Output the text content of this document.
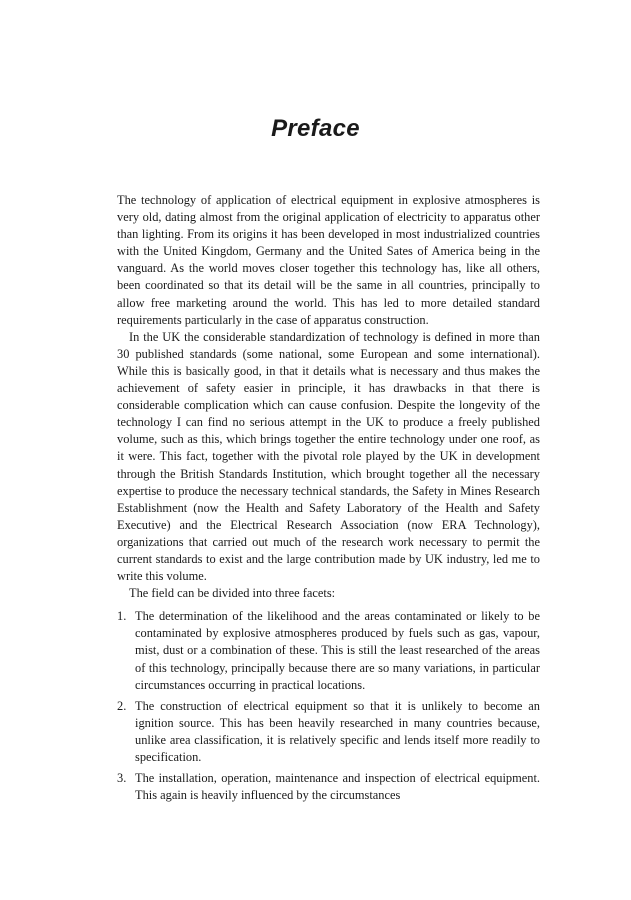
Preface

The technology of application of electrical equipment in explosive atmospheres is very old, dating almost from the original application of electricity to apparatus other than lighting. From its origins it has been developed in most industrialized countries with the United Kingdom, Germany and the United Sates of America being in the vanguard. As the world moves closer together this technology has, like all others, been coordinated so that its detail will be the same in all countries, principally to allow free marketing around the world. This has led to more detailed standard requirements particularly in the case of apparatus construction.

In the UK the considerable standardization of technology is defined in more than 30 published standards (some national, some European and some international). While this is basically good, in that it details what is necessary and thus makes the achievement of safety easier in principle, it has drawbacks in that there is considerable complication which can cause confusion. Despite the longevity of the technology I can find no serious attempt in the UK to produce a freely published volume, such as this, which brings together the entire technology under one roof, as it were. This fact, together with the pivotal role played by the UK in development through the British Standards Institution, which brought together all the necessary expertise to produce the necessary technical standards, the Safety in Mines Research Establishment (now the Health and Safety Laboratory of the Health and Safety Executive) and the Electrical Research Association (now ERA Technology), organizations that carried out much of the research work necessary to permit the current standards to exist and the large contribution made by UK industry, led me to write this volume.

The field can be divided into three facets:

1. The determination of the likelihood and the areas contaminated or likely to be contaminated by explosive atmospheres produced by fuels such as gas, vapour, mist, dust or a combination of these. This is still the least researched of the areas of this technology, principally because there are so many variations, in particular circumstances occurring in practical locations.
2. The construction of electrical equipment so that it is unlikely to become an ignition source. This has been heavily researched in many countries because, unlike area classification, it is relatively specific and lends itself more readily to specification.
3. The installation, operation, maintenance and inspection of electrical equipment. This again is heavily influenced by the circumstances
